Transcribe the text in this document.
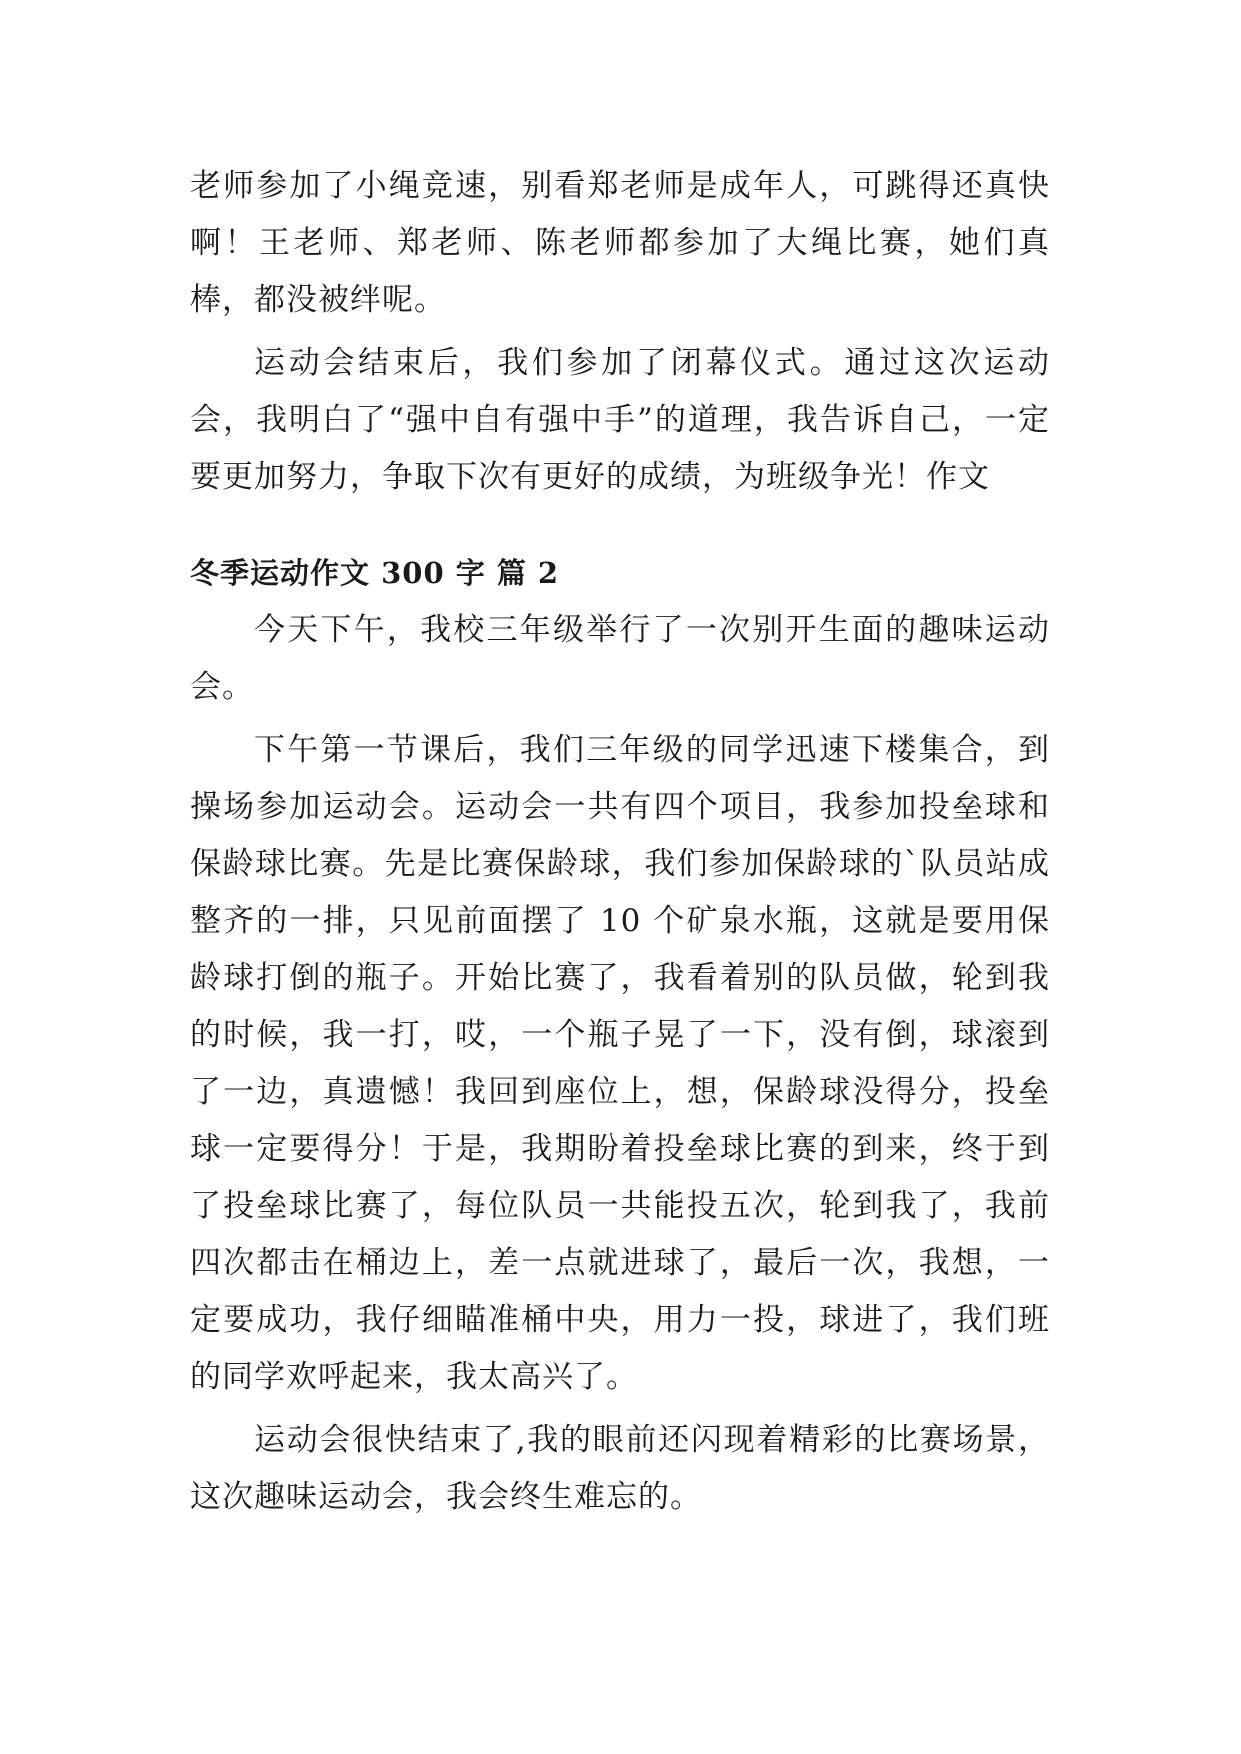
老师参加了小绳竞速，别看郑老师是成年人，可跳得还真快啊！王老师、郑老师、陈老师都参加了大绳比赛，她们真棒，都没被绊呢。

运动会结束后，我们参加了闭幕仪式。通过这次运动会，我明白了“强中自有强中手”的道理，我告诉自己，一定要更加努力，争取下次有更好的成绩，为班级争光！作文

冬季运动作文 300 字 篇 2

今天下午，我校三年级举行了一次别开生面的趣味运动会。

下午第一节课后，我们三年级的同学迅速下楼集合，到操场参加运动会。运动会一共有四个项目，我参加投垒球和保龄球比赛。先是比赛保龄球，我们参加保龄球的`队员站成整齐的一排，只见前面摆了 10 个矿泉水瓶，这就是要用保龄球打倒的瓶子。开始比赛了，我看着别的队员做，轮到我的时候，我一打，哎，一个瓶子晃了一下，没有倒，球滚到了一边，真遗憾！我回到座位上，想，保龄球没得分，投垒球一定要得分！于是，我期盼着投垒球比赛的到来，终于到了投垒球比赛了，每位队员一共能投五次，轮到我了，我前四次都击在桶边上，差一点就进球了，最后一次，我想，一定要成功，我仔细瞄准桶中央，用力一投，球进了，我们班的同学欢呼起来，我太高兴了。

运动会很快结束了,我的眼前还闪现着精彩的比赛场景，这次趣味运动会，我会终生难忘的。
